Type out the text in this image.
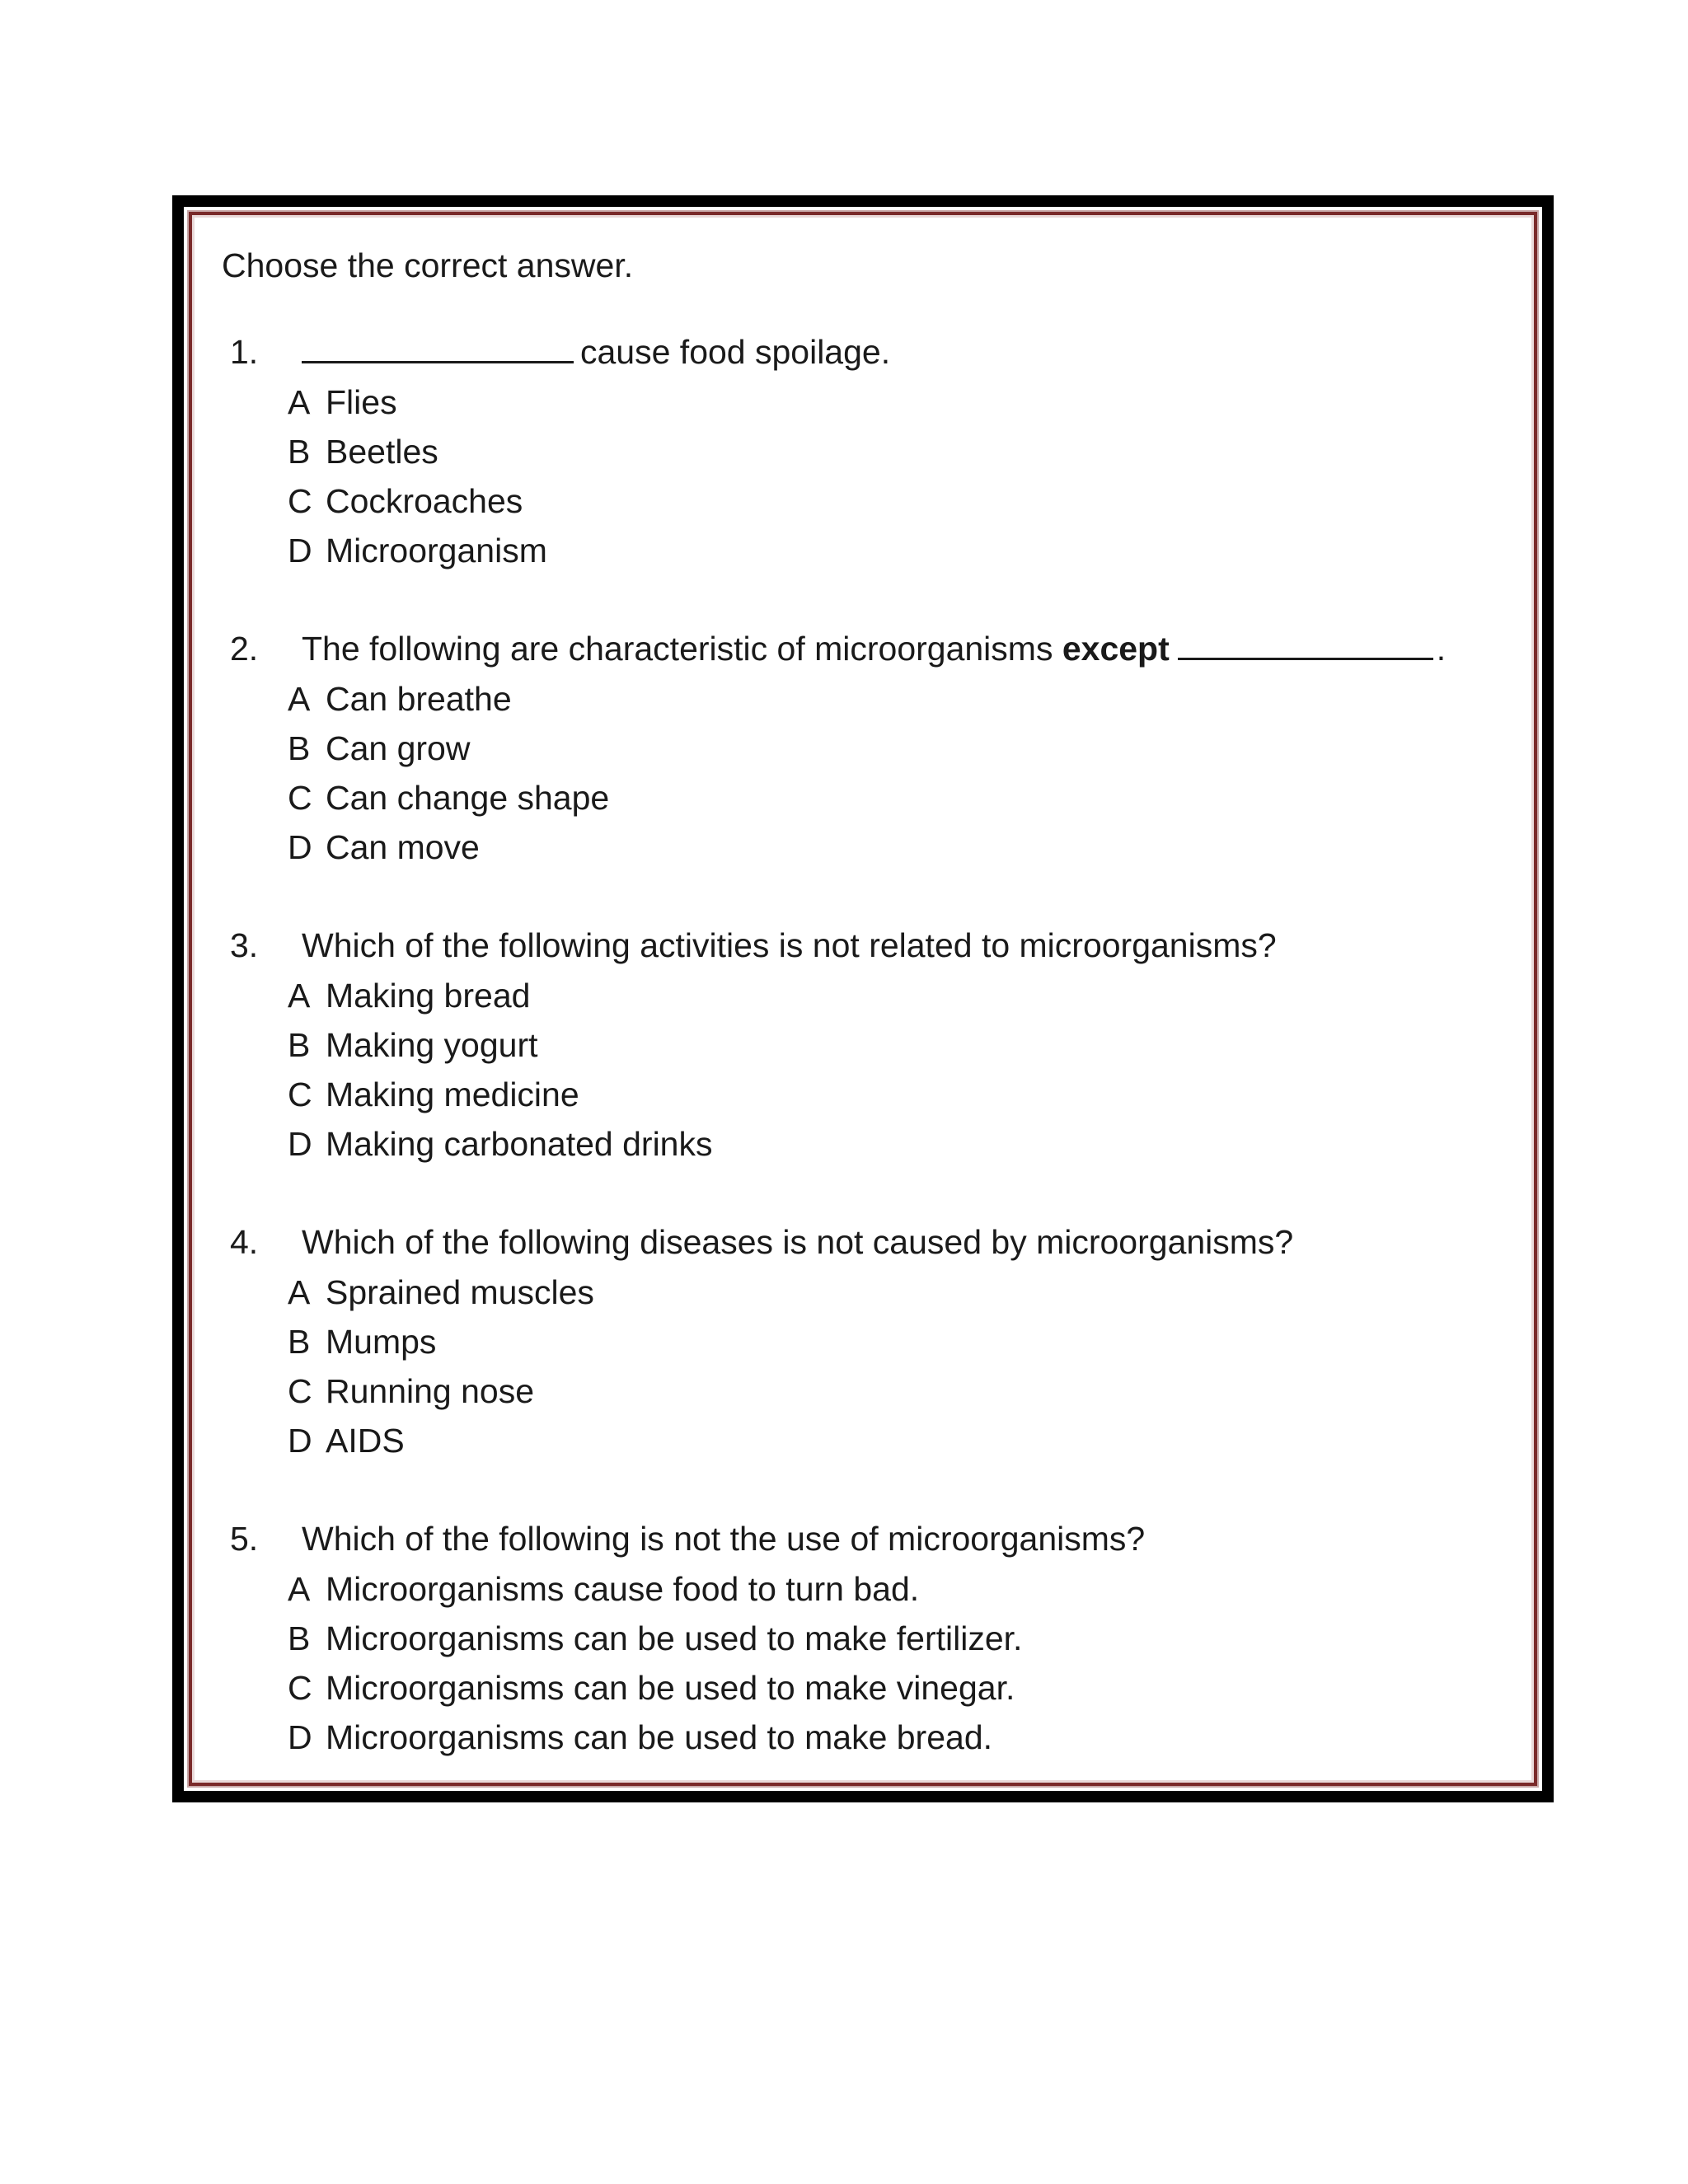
Choose the correct answer.

1.	cause food spoilage.
A Flies
B Beetles
C Cockroaches
D Microorganism
2.	The following are characteristic of microorganisms except	.
A Can breathe
B Can grow
C Can change shape
D Can move
3.	Which of the following activities is not related to microorganisms?
A Making bread
B Making yogurt
C Making medicine
D Making carbonated drinks
4.	Which of the following diseases is not caused by microorganisms?
A Sprained muscles
B Mumps
C Running nose
D AIDS
5.	Which of the following is not the use of microorganisms?
A Microorganisms cause food to turn bad.
B Microorganisms can be used to make fertilizer.
C Microorganisms can be used to make vinegar.
D Microorganisms can be used to make bread.
